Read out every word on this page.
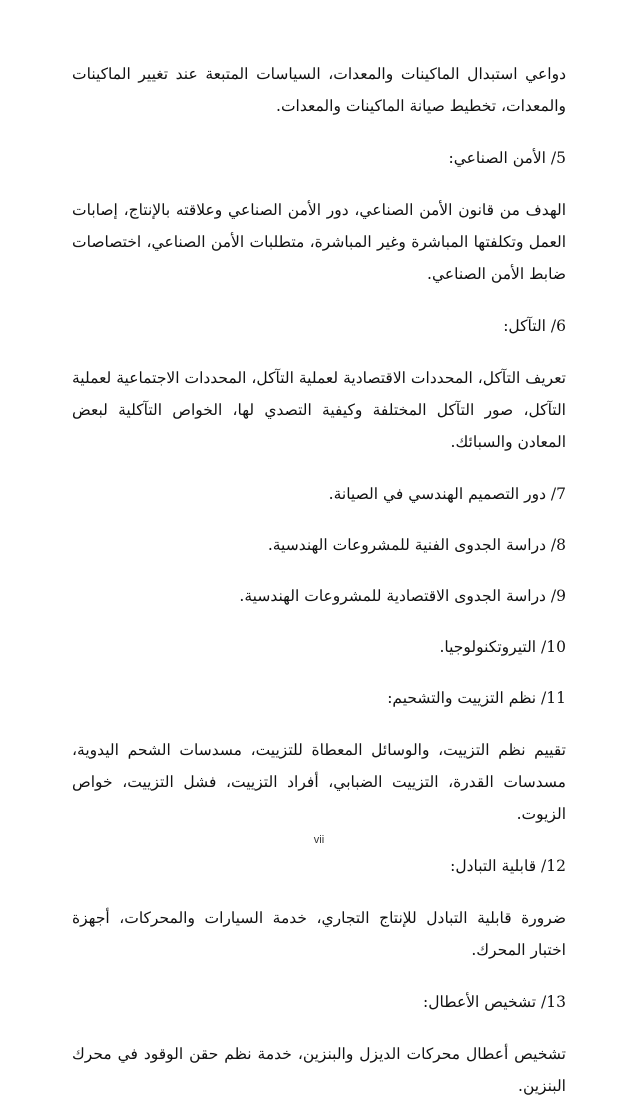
دواعي استبدال الماكينات والمعدات، السياسات المتبعة عند تغيير الماكينات والمعدات، تخطيط صيانة الماكينات والمعدات.

5/ الأمن الصناعي:

الهدف من قانون الأمن الصناعي، دور الأمن الصناعي وعلاقته بالإنتاج، إصابات العمل وتكلفتها المباشرة وغير المباشرة، متطلبات الأمن الصناعي، اختصاصات ضابط الأمن الصناعي.

6/ التآكل:

تعريف التآكل، المحددات الاقتصادية لعملية التآكل، المحددات الاجتماعية لعملية التآكل، صور التآكل المختلفة وكيفية التصدي لها، الخواص التآكلية لبعض المعادن والسبائك.

7/ دور التصميم الهندسي في الصيانة.

8/ دراسة الجدوى الفنية للمشروعات الهندسية.

9/ دراسة الجدوى الاقتصادية للمشروعات الهندسية.

10/ التيروتكنولوجيا.

11/ نظم التزييت والتشحيم:

تقييم نظم التزييت، والوسائل المعطاة للتزييت، مسدسات الشحم اليدوية، مسدسات القدرة، التزييت الضبابي، أفراد التزييت، فشل التزييت، خواص الزيوت.

12/ قابلية التبادل:

ضرورة قابلية التبادل للإنتاج التجاري، خدمة السيارات والمحركات، أجهزة اختبار المحرك.

13/ تشخيص الأعطال:

تشخيص أعطال محركات الديزل والبنزين، خدمة نظم حقن الوقود في محرك البنزين.

vii
